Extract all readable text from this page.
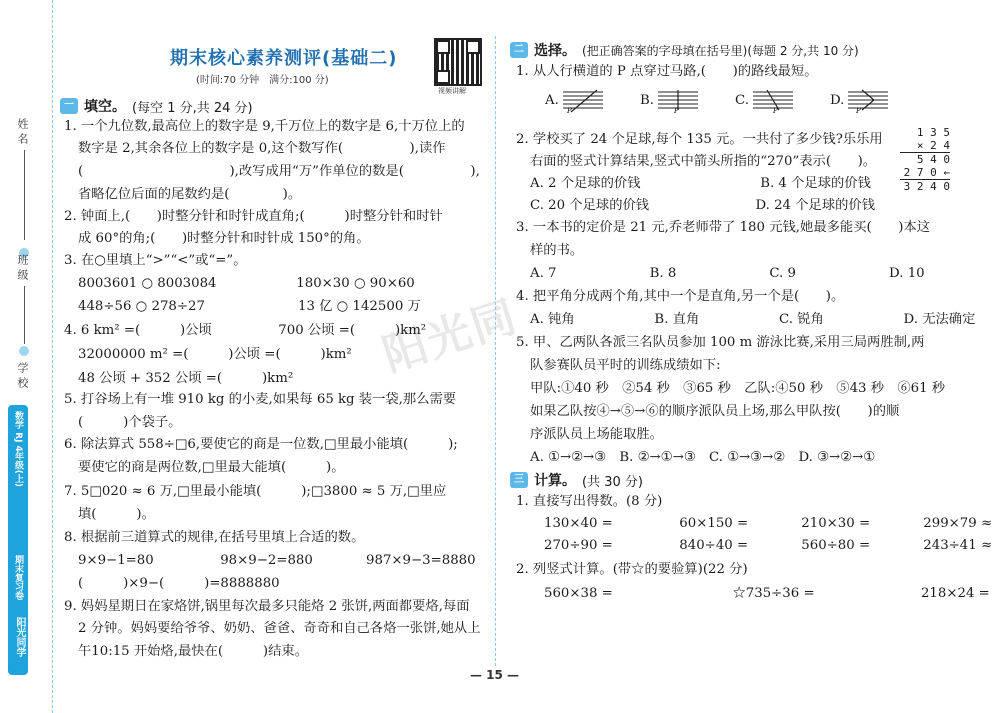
姓名
班级
学校
数学 RJ 4年级(上)
期末复习卷
阳光同学
阳光同
期末核心素养测评(基础二)
(时间:70 分钟　满分:100 分)
视频讲解
一 填空。 (每空 1 分,共 24 分)
1. 一个九位数,最高位上的数字是 9,千万位上的数字是 6,十万位上的
数字是 2,其余各位上的数字是 0,这个数写作(　　　　　),读作
(　　　　　　　　　　　),改写成用“万”作单位的数是(　　　　　),
省略亿位后面的尾数约是(　　　　)。
2. 钟面上,(　　)时整分针和时针成直角;(　　　)时整分针和时针
成 60°的角;(　　)时整分针和时针成 150°的角。
3. 在○里填上“>”“<”或“=”。
8003601 ○ 8003084　　　　　　180×30 ○ 90×60
448÷56 ○ 278÷27　　　　　　　13 亿 ○ 142500 万
4. 6 km² =(　　　)公顷　　　　　700 公顷 =(　　　)km²
32000000 m² =(　　　)公顷 =(　　　)km²
48 公顷 + 352 公顷 =(　　　)km²
5. 打谷场上有一堆 910 kg 的小麦,如果每 65 kg 装一袋,那么需要
(　　　)个袋子。
6. 除法算式 558÷□6,要使它的商是一位数,□里最小能填(　　　);
要使它的商是两位数,□里最大能填(　　　)。
7. 5□020 ≈ 6 万,□里最小能填(　　　);□3800 ≈ 5 万,□里应
填(　　　)。
8. 根据前三道算式的规律,在括号里填上合适的数。
9×9−1=80　　　　　98×9−2=880　　　　987×9−3=8880
(　　　)×9−(　　　)=8888880
9. 妈妈星期日在家烙饼,锅里每次最多只能烙 2 张饼,两面都要烙,每面
2 分钟。妈妈要给爷爷、奶奶、爸爸、奇奇和自己各烙一张饼,她从上
午10:15 开始烙,最快在(　　　)结束。
二 选择。 (把正确答案的字母填在括号里)(每题 2 分,共 10 分)
1. 从人行横道的 P 点穿过马路,(　　)的路线最短。
A.
P
B.
P
C.
P
D.
P
2. 学校买了 24 个足球,每个 135 元。一共付了多少钱?乐乐用
右面的竖式计算结果,竖式中箭头所指的“270”表示(　　)。
A. 2 个足球的价钱　　　　　　　　　B. 4 个足球的价钱
C. 20 个足球的价钱　　　　　　　　D. 24 个足球的价钱
3. 一本书的定价是 21 元,乔老师带了 180 元钱,她最多能买(　　)本这
样的书。
A. 7　　　　　　　B. 8　　　　　　　C. 9　　　　　　　D. 10
4. 把平角分成两个角,其中一个是直角,另一个是(　　)。
A. 钝角　　　　　　B. 直角　　　　　　C. 锐角　　　　　　D. 无法确定
5. 甲、乙两队各派三名队员参加 100 m 游泳比赛,采用三局两胜制,两
队参赛队员平时的训练成绩如下:
甲队:①40 秒　②54 秒　③65 秒　乙队:④50 秒　⑤43 秒　⑥61 秒
如果乙队按④→⑤→⑥的顺序派队员上场,那么甲队按(　　)的顺
序派队员上场能取胜。
A. ①→②→③　B. ②→①→③　C. ①→③→②　D. ③→②→①
1 3 5
× 2 4
5 4 0
2 7 0 ←
3 2 4 0
三 计算。 (共 30 分)
1. 直接写出得数。(8 分)
130×40 =　　　　　60×150 =　　　　210×30 =　　　　299×79 ≈
270÷90 =　　　　　840÷40 =　　　　560÷80 =　　　　243÷41 ≈
2. 列竖式计算。(带☆的要验算)(22 分)
560×38 =　　　　　　　　　☆735÷36 =　　　　　　　　218×24 =
— 15 —
